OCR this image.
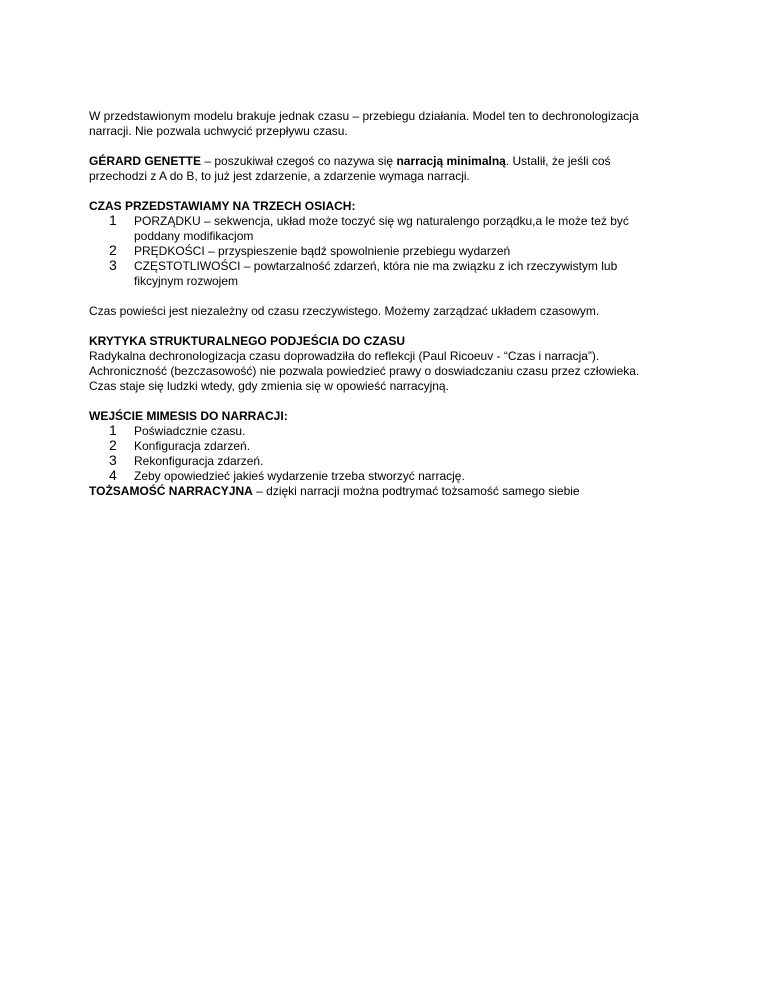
W przedstawionym modelu brakuje jednak czasu – przebiegu działania. Model ten to dechronologizacja
narracji. Nie pozwala uchwycić przepływu czasu.

GÉRARD GENETTE – poszukiwał czegoś co nazywa się narracją minimalną. Ustalił, że jeśli coś
przechodzi z A do B, to już jest zdarzenie, a zdarzenie wymaga narracji.

CZAS PRZEDSTAWIAMY NA TRZECH OSIACH:

1 PORZĄDKU – sekwencja, układ może toczyć się wg naturalengo porządku,a le może też być
poddany modifikacjom
2 PRĘDKOŚCI – przyspieszenie bądź spowolnienie przebiegu wydarzeń
3 CZĘSTOTLIWOŚCI – powtarzalność zdarzeń, która nie ma związku z ich rzeczywistym lub
fikcyjnym rozwojem

Czas powieści jest niezależny od czasu rzeczywistego. Możemy zarządzać układem czasowym.

KRYTYKA STRUKTURALNEGO PODJEŚCIA DO CZASU

Radykalna dechronologizacja czasu doprowadziła do reflekcji (Paul Ricoeuv - “Czas i narracja”).
Achroniczność (bezczasowość) nie pozwala powiedzieć prawy o doswiadczaniu czasu przez człowieka.
Czas staje się ludzki wtedy, gdy zmienia się w opowieść narracyjną.

WEJŚCIE MIMESIS DO NARRACJI:

1 Poświadcznie czasu.
2 Konfiguracja zdarzeń.
3 Rekonfiguracja zdarzeń.
4 Zeby opowiedzieć jakieś wydarzenie trzeba stworzyć narrację.

TOŻSAMOŚĆ NARRACYJNA – dzięki narracji można podtrymać tożsamość samego siebie
